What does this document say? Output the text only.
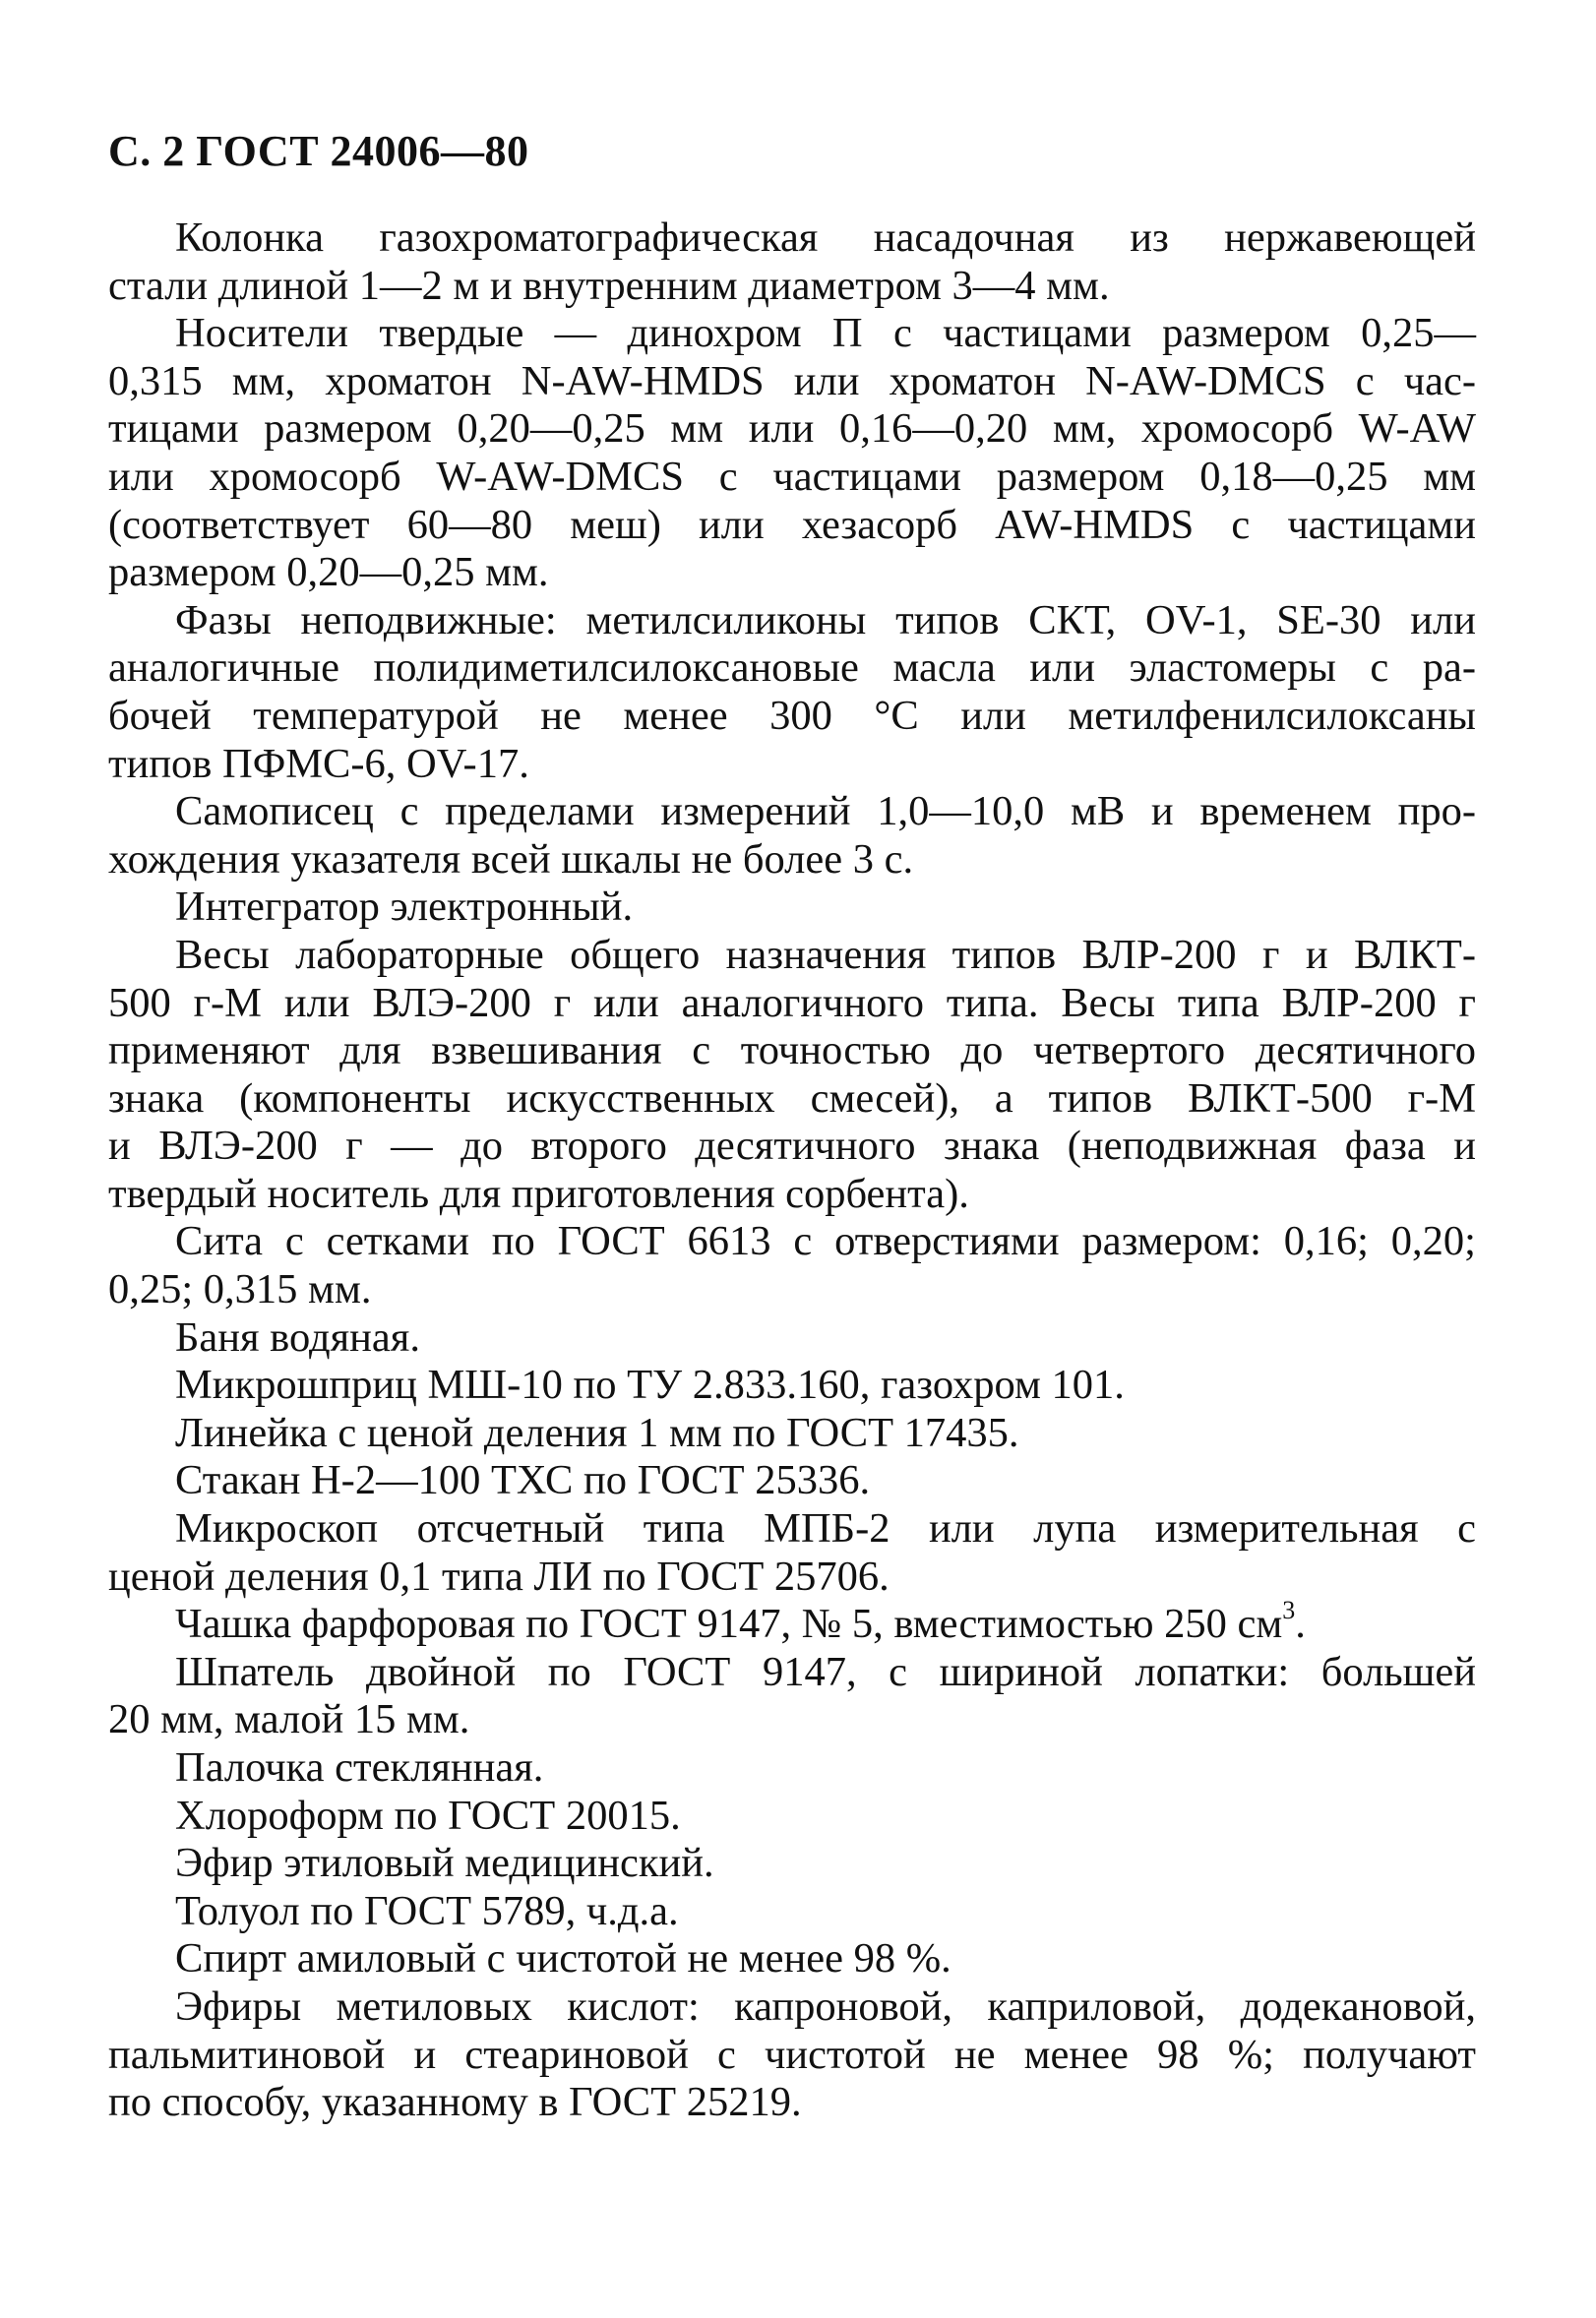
С. 2 ГОСТ 24006—80

Колонка газохроматографическая насадочная из нержавеющей
стали длиной 1—2 м и внутренним диаметром 3—4 мм.

Носители твердые — динохром П с частицами размером 0,25—
0,315 мм, хроматон N-AW-HMDS или хроматон N-AW-DMCS с час-
тицами размером 0,20—0,25 мм или 0,16—0,20 мм, хромосорб W-AW
или хромосорб W-AW-DMCS с частицами размером 0,18—0,25 мм
(соответствует 60—80 меш) или хезасорб AW-HMDS с частицами
размером 0,20—0,25 мм.

Фазы неподвижные: метилсиликоны типов СКТ, OV-1, SE-30 или
аналогичные полидиметилсилоксановые масла или эластомеры с ра-
бочей температурой не менее 300 °С или метилфенилсилоксаны
типов ПФМС-6, OV-17.

Самописец с пределами измерений 1,0—10,0 мВ и временем про-
хождения указателя всей шкалы не более 3 с.

Интегратор электронный.

Весы лабораторные общего назначения типов ВЛР-200 г и ВЛКТ-
500 г-М или ВЛЭ-200 г или аналогичного типа. Весы типа ВЛР-200 г
применяют для взвешивания с точностью до четвертого десятичного
знака (компоненты искусственных смесей), а типов ВЛКТ-500 г-М
и ВЛЭ-200 г — до второго десятичного знака (неподвижная фаза и
твердый носитель для приготовления сорбента).

Сита с сетками по ГОСТ 6613 с отверстиями размером: 0,16; 0,20;
0,25; 0,315 мм.

Баня водяная.

Микрошприц МШ-10 по ТУ 2.833.160, газохром 101.

Линейка с ценой деления 1 мм по ГОСТ 17435.

Стакан Н-2—100 ТХС по ГОСТ 25336.

Микроскоп отсчетный типа МПБ-2 или лупа измерительная с
ценой деления 0,1 типа ЛИ по ГОСТ 25706.

Чашка фарфоровая по ГОСТ 9147, № 5, вместимостью 250 $см^3$.

Шпатель двойной по ГОСТ 9147, с шириной лопатки: большей
20 мм, малой 15 мм.

Палочка стеклянная.

Хлороформ по ГОСТ 20015.

Эфир этиловый медицинский.

Толуол по ГОСТ 5789, ч.д.а.

Спирт амиловый с чистотой не менее 98 %.

Эфиры метиловых кислот: капроновой, каприловой, додекановой,
пальмитиновой и стеариновой с чистотой не менее 98 %; получают
по способу, указанному в ГОСТ 25219.
